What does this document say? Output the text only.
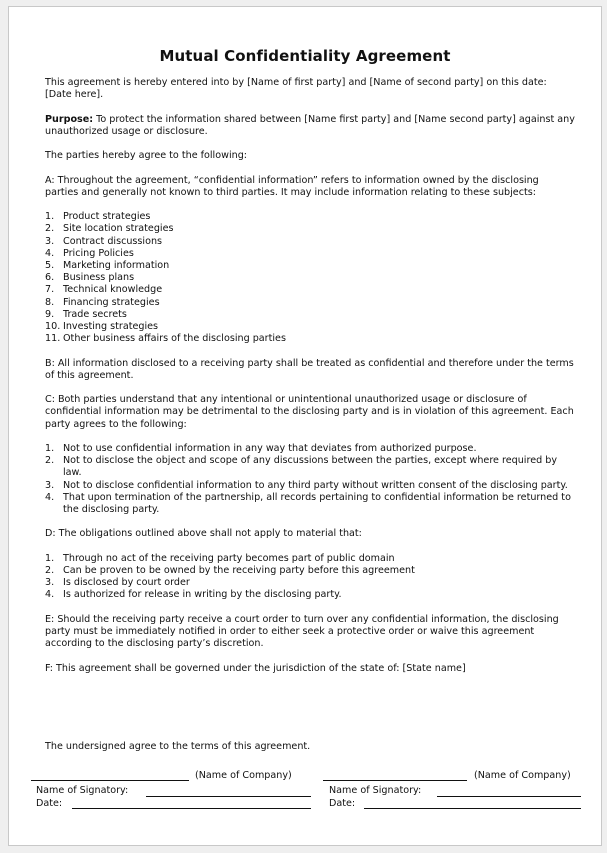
Mutual Confidentiality Agreement

This agreement is hereby entered into by [Name of first party] and [Name of second party] on this date: [Date here].

Purpose: To protect the information shared between [Name first party] and [Name second party] against any unauthorized usage or disclosure.

The parties hereby agree to the following:

A: Throughout the agreement, “confidential information” refers to information owned by the disclosing parties and generally not known to third parties. It may include information relating to these subjects:

1. Product strategies
2. Site location strategies
3. Contract discussions
4. Pricing Policies
5. Marketing information
6. Business plans
7. Technical knowledge
8. Financing strategies
9. Trade secrets
10. Investing strategies
11. Other business affairs of the disclosing parties

B: All information disclosed to a receiving party shall be treated as confidential and therefore under the terms of this agreement.

C: Both parties understand that any intentional or unintentional unauthorized usage or disclosure of confidential information may be detrimental to the disclosing party and is in violation of this agreement. Each party agrees to the following:

1. Not to use confidential information in any way that deviates from authorized purpose.
2. Not to disclose the object and scope of any discussions between the parties, except where required by law.
3. Not to disclose confidential information to any third party without written consent of the disclosing party.
4. That upon termination of the partnership, all records pertaining to confidential information be returned to the disclosing party.

D: The obligations outlined above shall not apply to material that:

1. Through no act of the receiving party becomes part of public domain
2. Can be proven to be owned by the receiving party before this agreement
3. Is disclosed by court order
4. Is authorized for release in writing by the disclosing party.

E: Should the receiving party receive a court order to turn over any confidential information, the disclosing party must be immediately notified in order to either seek a protective order or waive this agreement according to the disclosing party’s discretion.

F: This agreement shall be governed under the jurisdiction of the state of: [State name]

The undersigned agree to the terms of this agreement.
(Name of Company)
Name of Signatory:
Date:
(Name of Company)
Name of Signatory:
Date:
